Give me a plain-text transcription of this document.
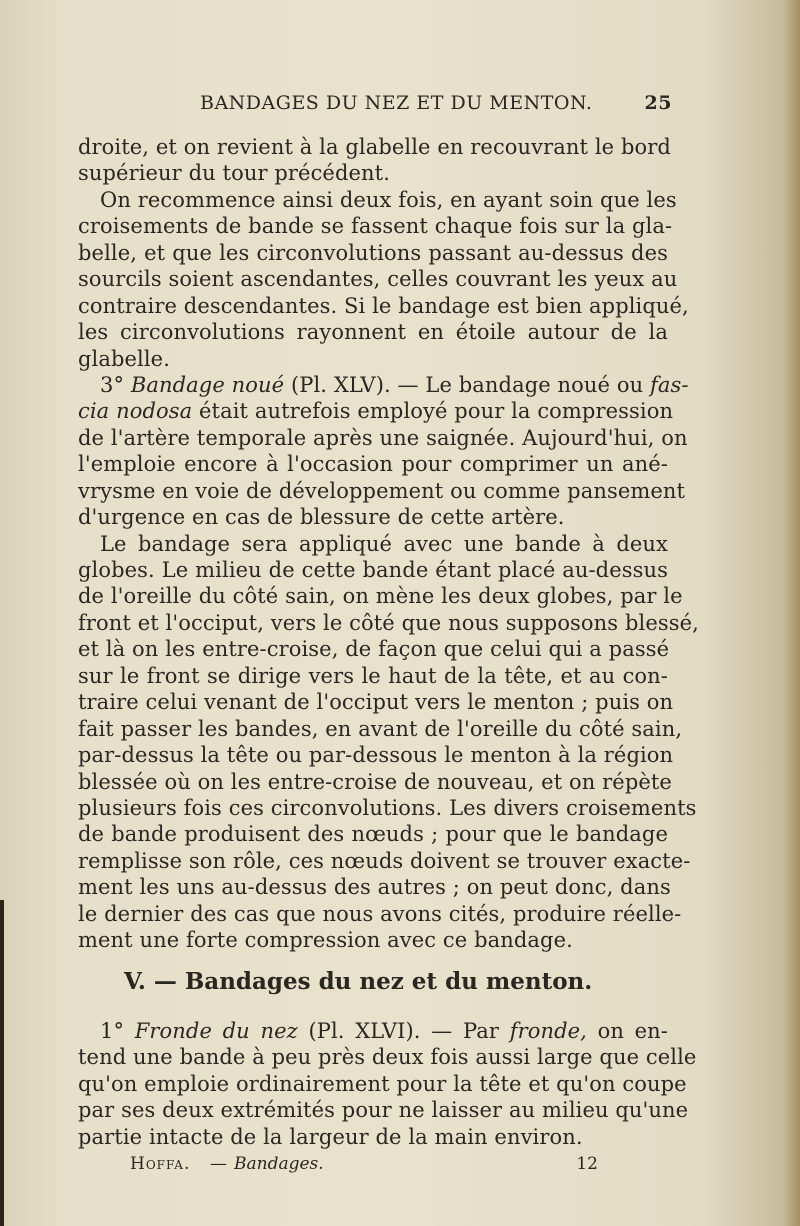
BANDAGES DU NEZ ET DU MENTON.	25
droite, et on revient à la glabelle en recouvrant le bord
supérieur du tour précédent.
On recommence ainsi deux fois, en ayant soin que les
croisements de bande se fassent chaque fois sur la gla-
belle, et que les circonvolutions passant au-dessus des
sourcils soient ascendantes, celles couvrant les yeux au
contraire descendantes. Si le bandage est bien appliqué,
les circonvolutions rayonnent en étoile autour de la
glabelle.
3° Bandage noué (Pl. XLV). — Le bandage noué ou fas-
cia nodosa était autrefois employé pour la compression
de l'artère temporale après une saignée. Aujourd'hui, on
l'emploie encore à l'occasion pour comprimer un ané-
vrysme en voie de développement ou comme pansement
d'urgence en cas de blessure de cette artère.
Le bandage sera appliqué avec une bande à deux
globes. Le milieu de cette bande étant placé au-dessus
de l'oreille du côté sain, on mène les deux globes, par le
front et l'occiput, vers le côté que nous supposons blessé,
et là on les entre-croise, de façon que celui qui a passé
sur le front se dirige vers le haut de la tête, et au con-
traire celui venant de l'occiput vers le menton ; puis on
fait passer les bandes, en avant de l'oreille du côté sain,
par-dessus la tête ou par-dessous le menton à la région
blessée où on les entre-croise de nouveau, et on répète
plusieurs fois ces circonvolutions. Les divers croisements
de bande produisent des nœuds ; pour que le bandage
remplisse son rôle, ces nœuds doivent se trouver exacte-
ment les uns au-dessus des autres ; on peut donc, dans
le dernier des cas que nous avons cités, produire réelle-
ment une forte compression avec ce bandage.
V. — Bandages du nez et du menton.
1° Fronde du nez (Pl. XLVI). — Par fronde, on en-
tend une bande à peu près deux fois aussi large que celle
qu'on emploie ordinairement pour la tête et qu'on coupe
par ses deux extrémités pour ne laisser au milieu qu'une
partie intacte de la largeur de la main environ.
Hoffa. — Bandages.	12
